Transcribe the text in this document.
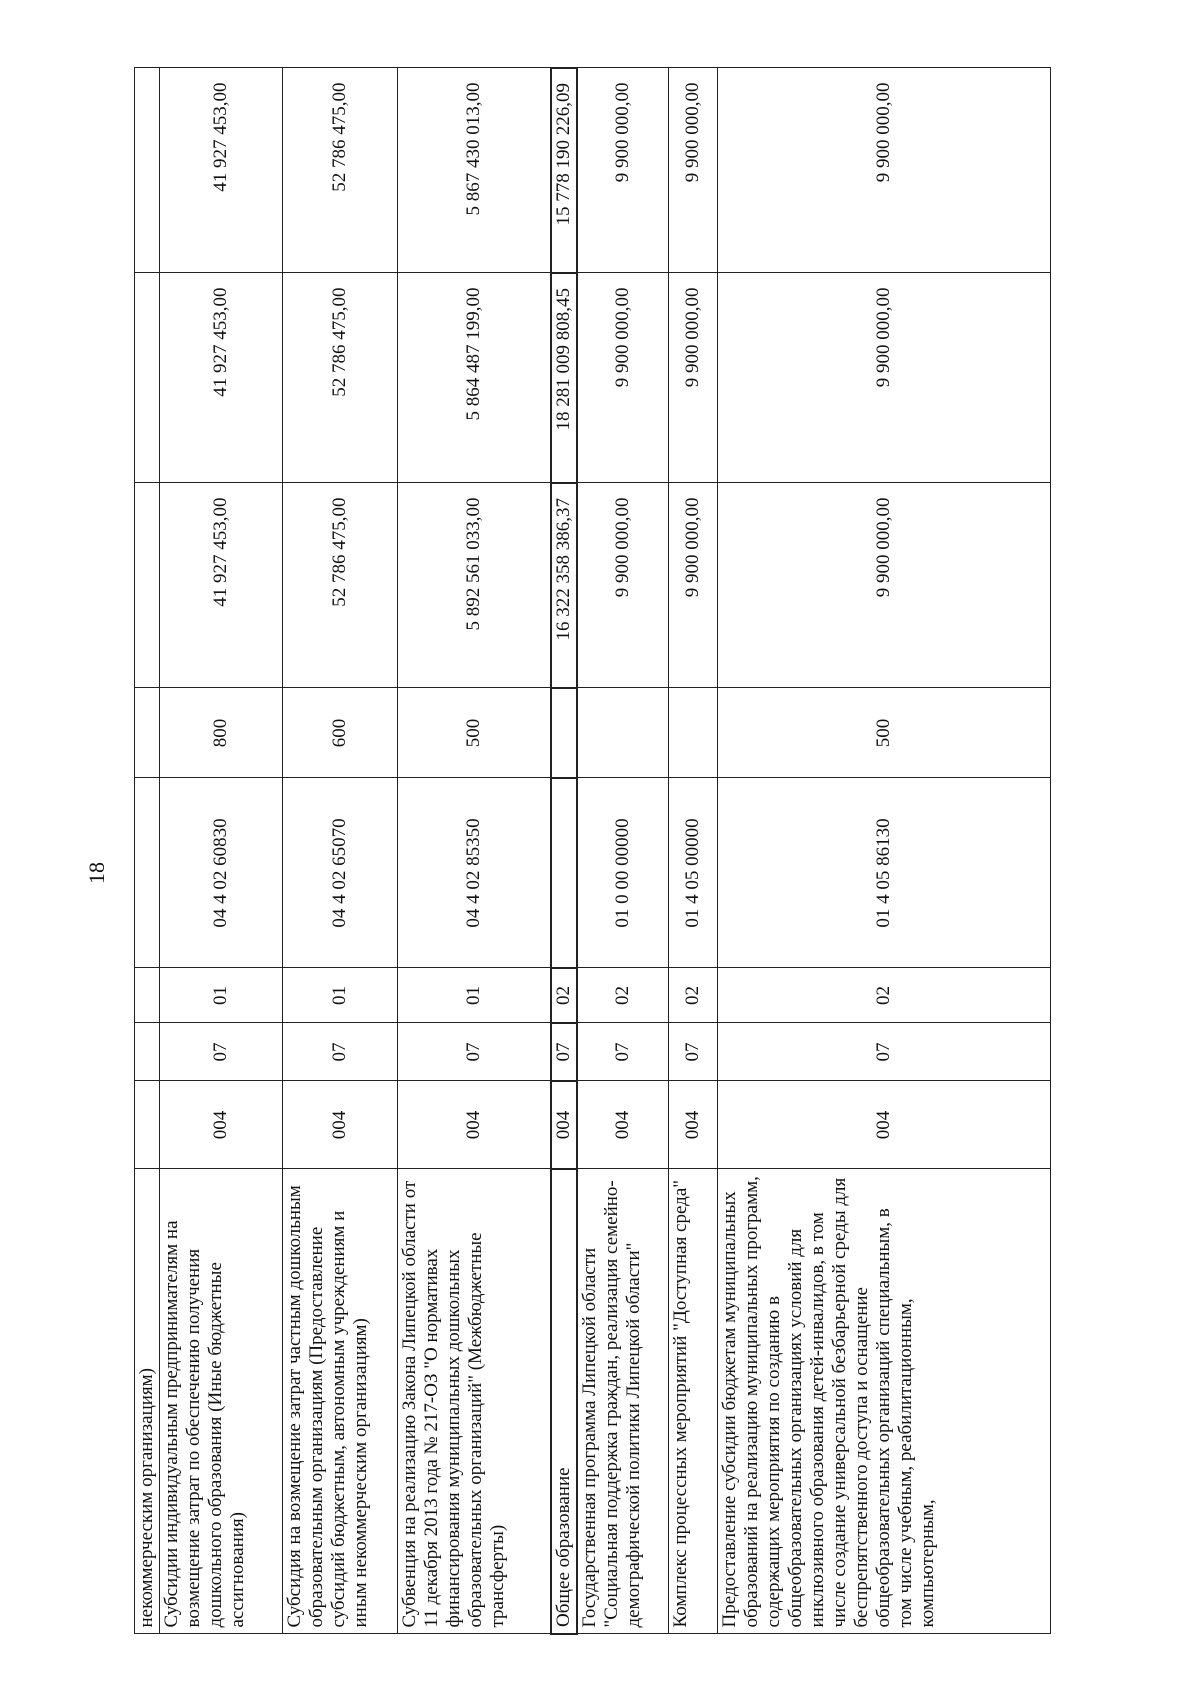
18
некоммерческим организациям)								
Субсидии индивидуальным предпринимателям на возмещение затрат по обеспечению получения дошкольного образования (Иные бюджетные ассигнования)	004	07	01	04 4 02 60830	800	41 927 453,00	41 927 453,00	41 927 453,00
Субсидия на возмещение затрат частным дошкольным образовательным организациям (Предоставление субсидий бюджетным, автономным учреждениям и иным некоммерческим организациям)	004	07	01	04 4 02 65070	600	52 786 475,00	52 786 475,00	52 786 475,00
Субвенция на реализацию Закона Липецкой области от 11 декабря 2013 года № 217-ОЗ "О нормативах финансирования муниципальных дошкольных образовательных организаций" (Межбюджетные трансферты)	004	07	01	04 4 02 85350	500	5 892 561 033,00	5 864 487 199,00	5 867 430 013,00
Общее образование	004	07	02			16 322 358 386,37	18 281 009 808,45	15 778 190 226,09
Государственная программа Липецкой области "Социальная поддержка граждан, реализация семейно-демографической политики Липецкой области"	004	07	02	01 0 00 00000		9 900 000,00	9 900 000,00	9 900 000,00
Комплекс процессных мероприятий "Доступная среда"	004	07	02	01 4 05 00000		9 900 000,00	9 900 000,00	9 900 000,00
Предоставление субсидии бюджетам муниципальных образований на реализацию муниципальных программ, содержащих мероприятия по созданию в общеобразовательных организациях условий для инклюзивного образования детей-инвалидов, в том числе создание универсальной безбарьерной среды для беспрепятственного доступа и оснащение общеобразовательных организаций специальным, в том числе учебным, реабилитационным, компьютерным,	004	07	02	01 4 05 86130	500	9 900 000,00	9 900 000,00	9 900 000,00
